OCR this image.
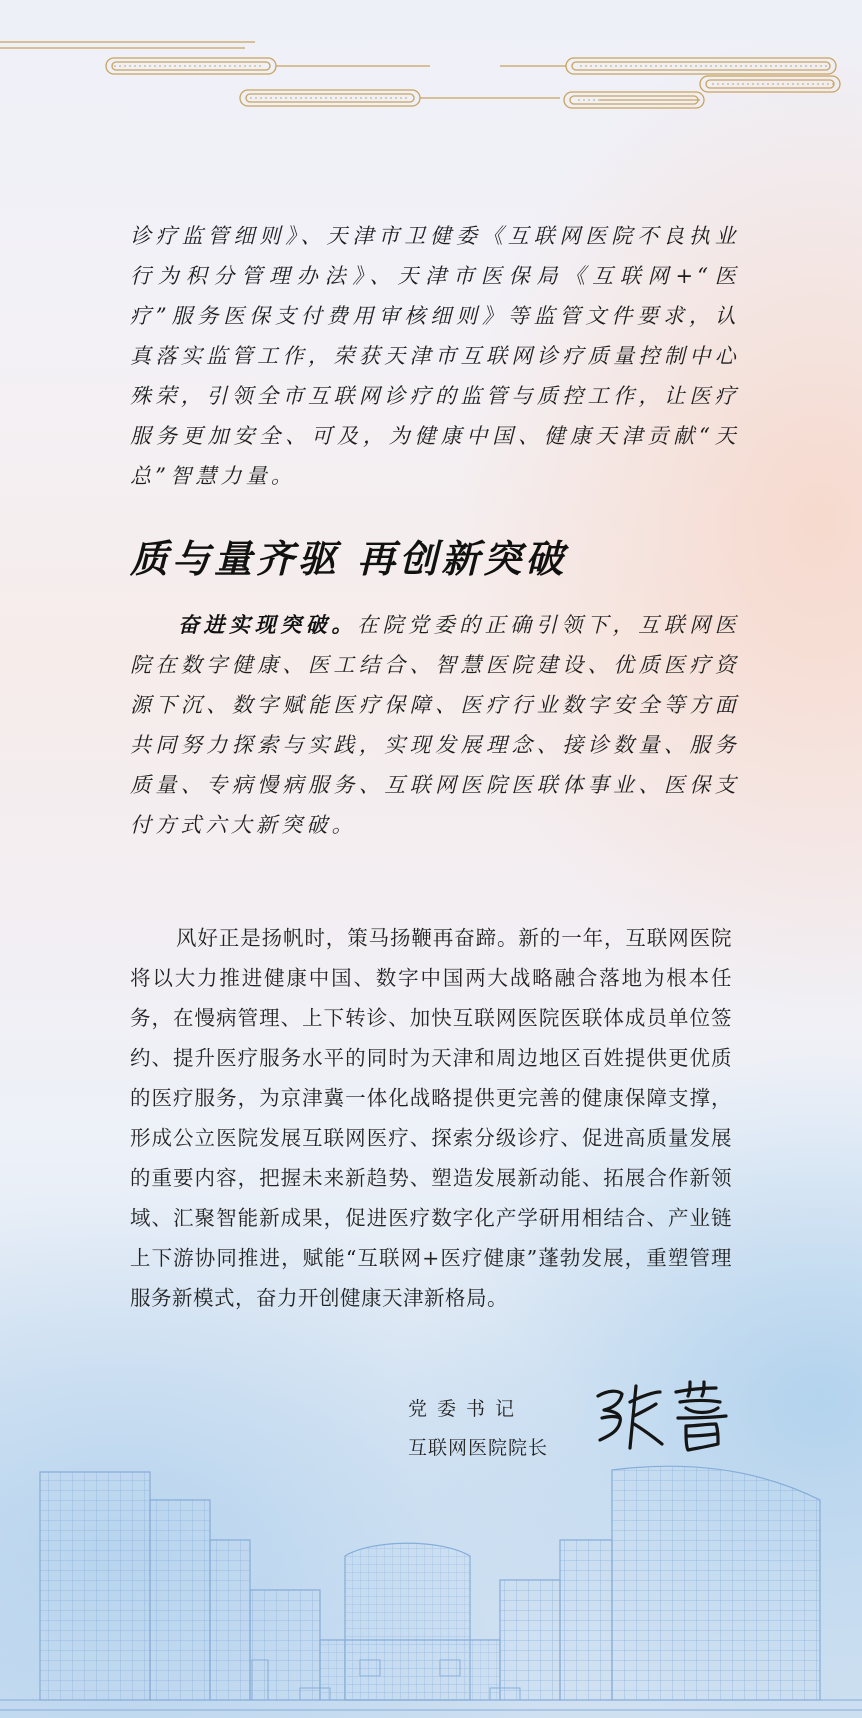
诊疗监管细则》、天津市卫健委《互联网医院不良执业行为积分管理办法》、天津市医保局《互联网+“医疗”服务医保支付费用审核细则》等监管文件要求，认真落实监管工作，荣获天津市互联网诊疗质量控制中心殊荣，引领全市互联网诊疗的监管与质控工作，让医疗服务更加安全、可及，为健康中国、健康天津贡献“天总”智慧力量。

质与量齐驱 再创新突破

奋进实现突破。在院党委的正确引领下，互联网医院在数字健康、医工结合、智慧医院建设、优质医疗资源下沉、数字赋能医疗保障、医疗行业数字安全等方面共同努力探索与实践，实现发展理念、接诊数量、服务质量、专病慢病服务、互联网医院医联体事业、医保支付方式六大新突破。

风好正是扬帆时，策马扬鞭再奋蹄。新的一年，互联网医院将以大力推进健康中国、数字中国两大战略融合落地为根本任务，在慢病管理、上下转诊、加快互联网医院医联体成员单位签约、提升医疗服务水平的同时为天津和周边地区百姓提供更优质的医疗服务，为京津冀一体化战略提供更完善的健康保障支撑，形成公立医院发展互联网医疗、探索分级诊疗、促进高质量发展的重要内容，把握未来新趋势、塑造发展新动能、拓展合作新领域、汇聚智能新成果，促进医疗数字化产学研用相结合、产业链上下游协同推进，赋能“互联网+医疗健康”蓬勃发展，重塑管理服务新模式，奋力开创健康天津新格局。

党委书记

互联网医院院长
